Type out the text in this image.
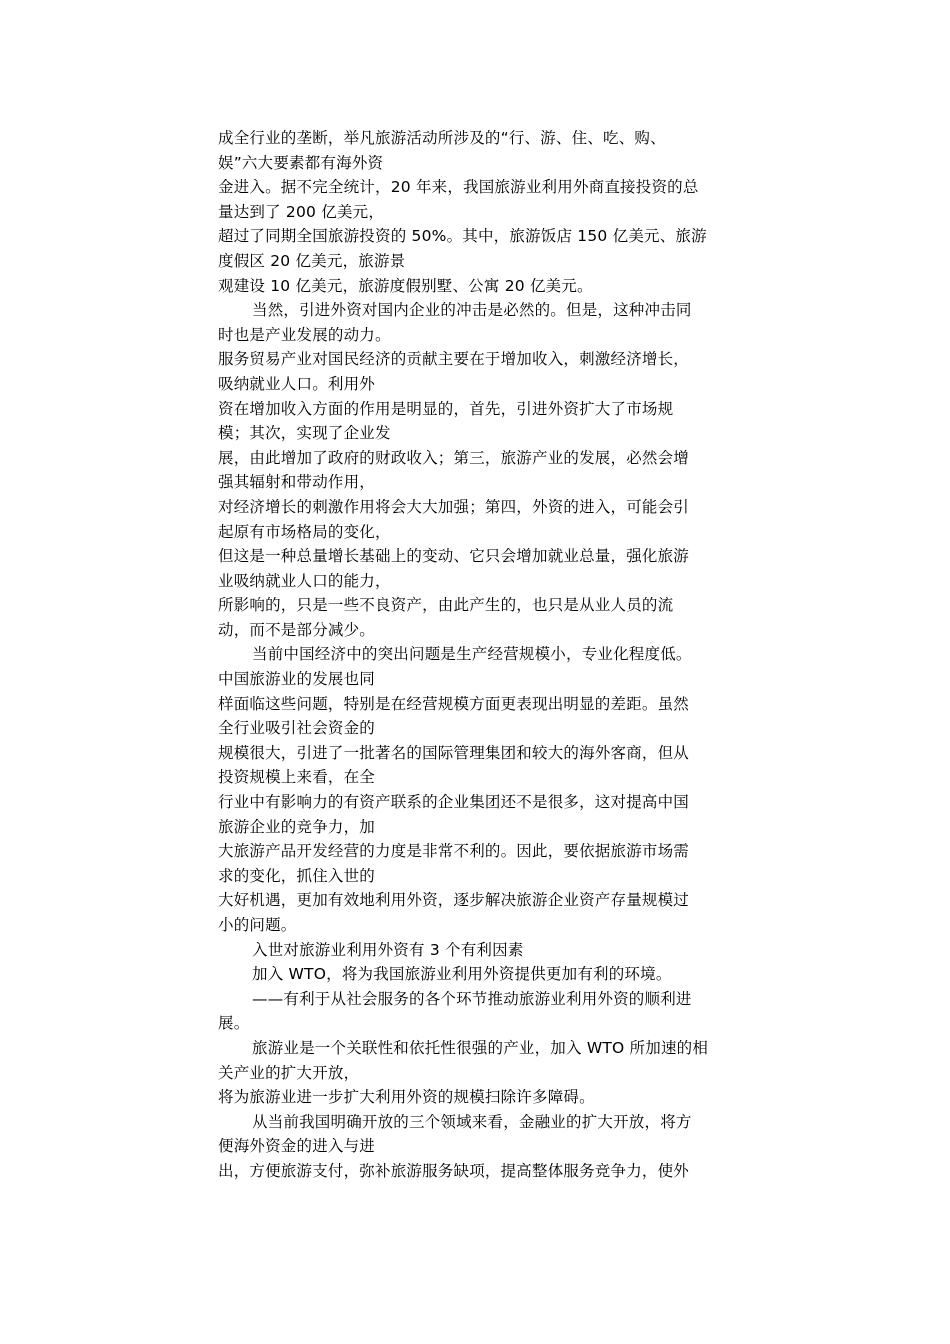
成全行业的垄断，举凡旅游活动所涉及的“行、游、住、吃、购、
娱”六大要素都有海外资
金进入。据不完全统计，20 年来，我国旅游业利用外商直接投资的总
量达到了 200 亿美元，
超过了同期全国旅游投资的 50%。其中，旅游饭店 150 亿美元、旅游
度假区 20 亿美元，旅游景
观建设 10 亿美元，旅游度假别墅、公寓 20 亿美元。
当然，引进外资对国内企业的冲击是必然的。但是，这种冲击同
时也是产业发展的动力。
服务贸易产业对国民经济的贡献主要在于增加收入，刺激经济增长，
吸纳就业人口。利用外
资在增加收入方面的作用是明显的，首先，引进外资扩大了市场规
模；其次，实现了企业发
展，由此增加了政府的财政收入；第三，旅游产业的发展，必然会增
强其辐射和带动作用，
对经济增长的刺激作用将会大大加强；第四，外资的进入，可能会引
起原有市场格局的变化，
但这是一种总量增长基础上的变动、它只会增加就业总量，强化旅游
业吸纳就业人口的能力，
所影响的，只是一些不良资产，由此产生的，也只是从业人员的流
动，而不是部分减少。
当前中国经济中的突出问题是生产经营规模小，专业化程度低。
中国旅游业的发展也同
样面临这些问题，特别是在经营规模方面更表现出明显的差距。虽然
全行业吸引社会资金的
规模很大，引进了一批著名的国际管理集团和较大的海外客商，但从
投资规模上来看，在全
行业中有影响力的有资产联系的企业集团还不是很多，这对提高中国
旅游企业的竞争力，加
大旅游产品开发经营的力度是非常不利的。因此，要依据旅游市场需
求的变化，抓住入世的
大好机遇，更加有效地利用外资，逐步解决旅游企业资产存量规模过
小的问题。
入世对旅游业利用外资有 3 个有利因素
加入 WTO，将为我国旅游业利用外资提供更加有利的环境。
——有利于从社会服务的各个环节推动旅游业利用外资的顺利进
展。
旅游业是一个关联性和依托性很强的产业，加入 WTO 所加速的相
关产业的扩大开放，
将为旅游业进一步扩大利用外资的规模扫除许多障碍。
从当前我国明确开放的三个领域来看，金融业的扩大开放，将方
便海外资金的进入与进
出，方便旅游支付，弥补旅游服务缺项，提高整体服务竞争力，使外
